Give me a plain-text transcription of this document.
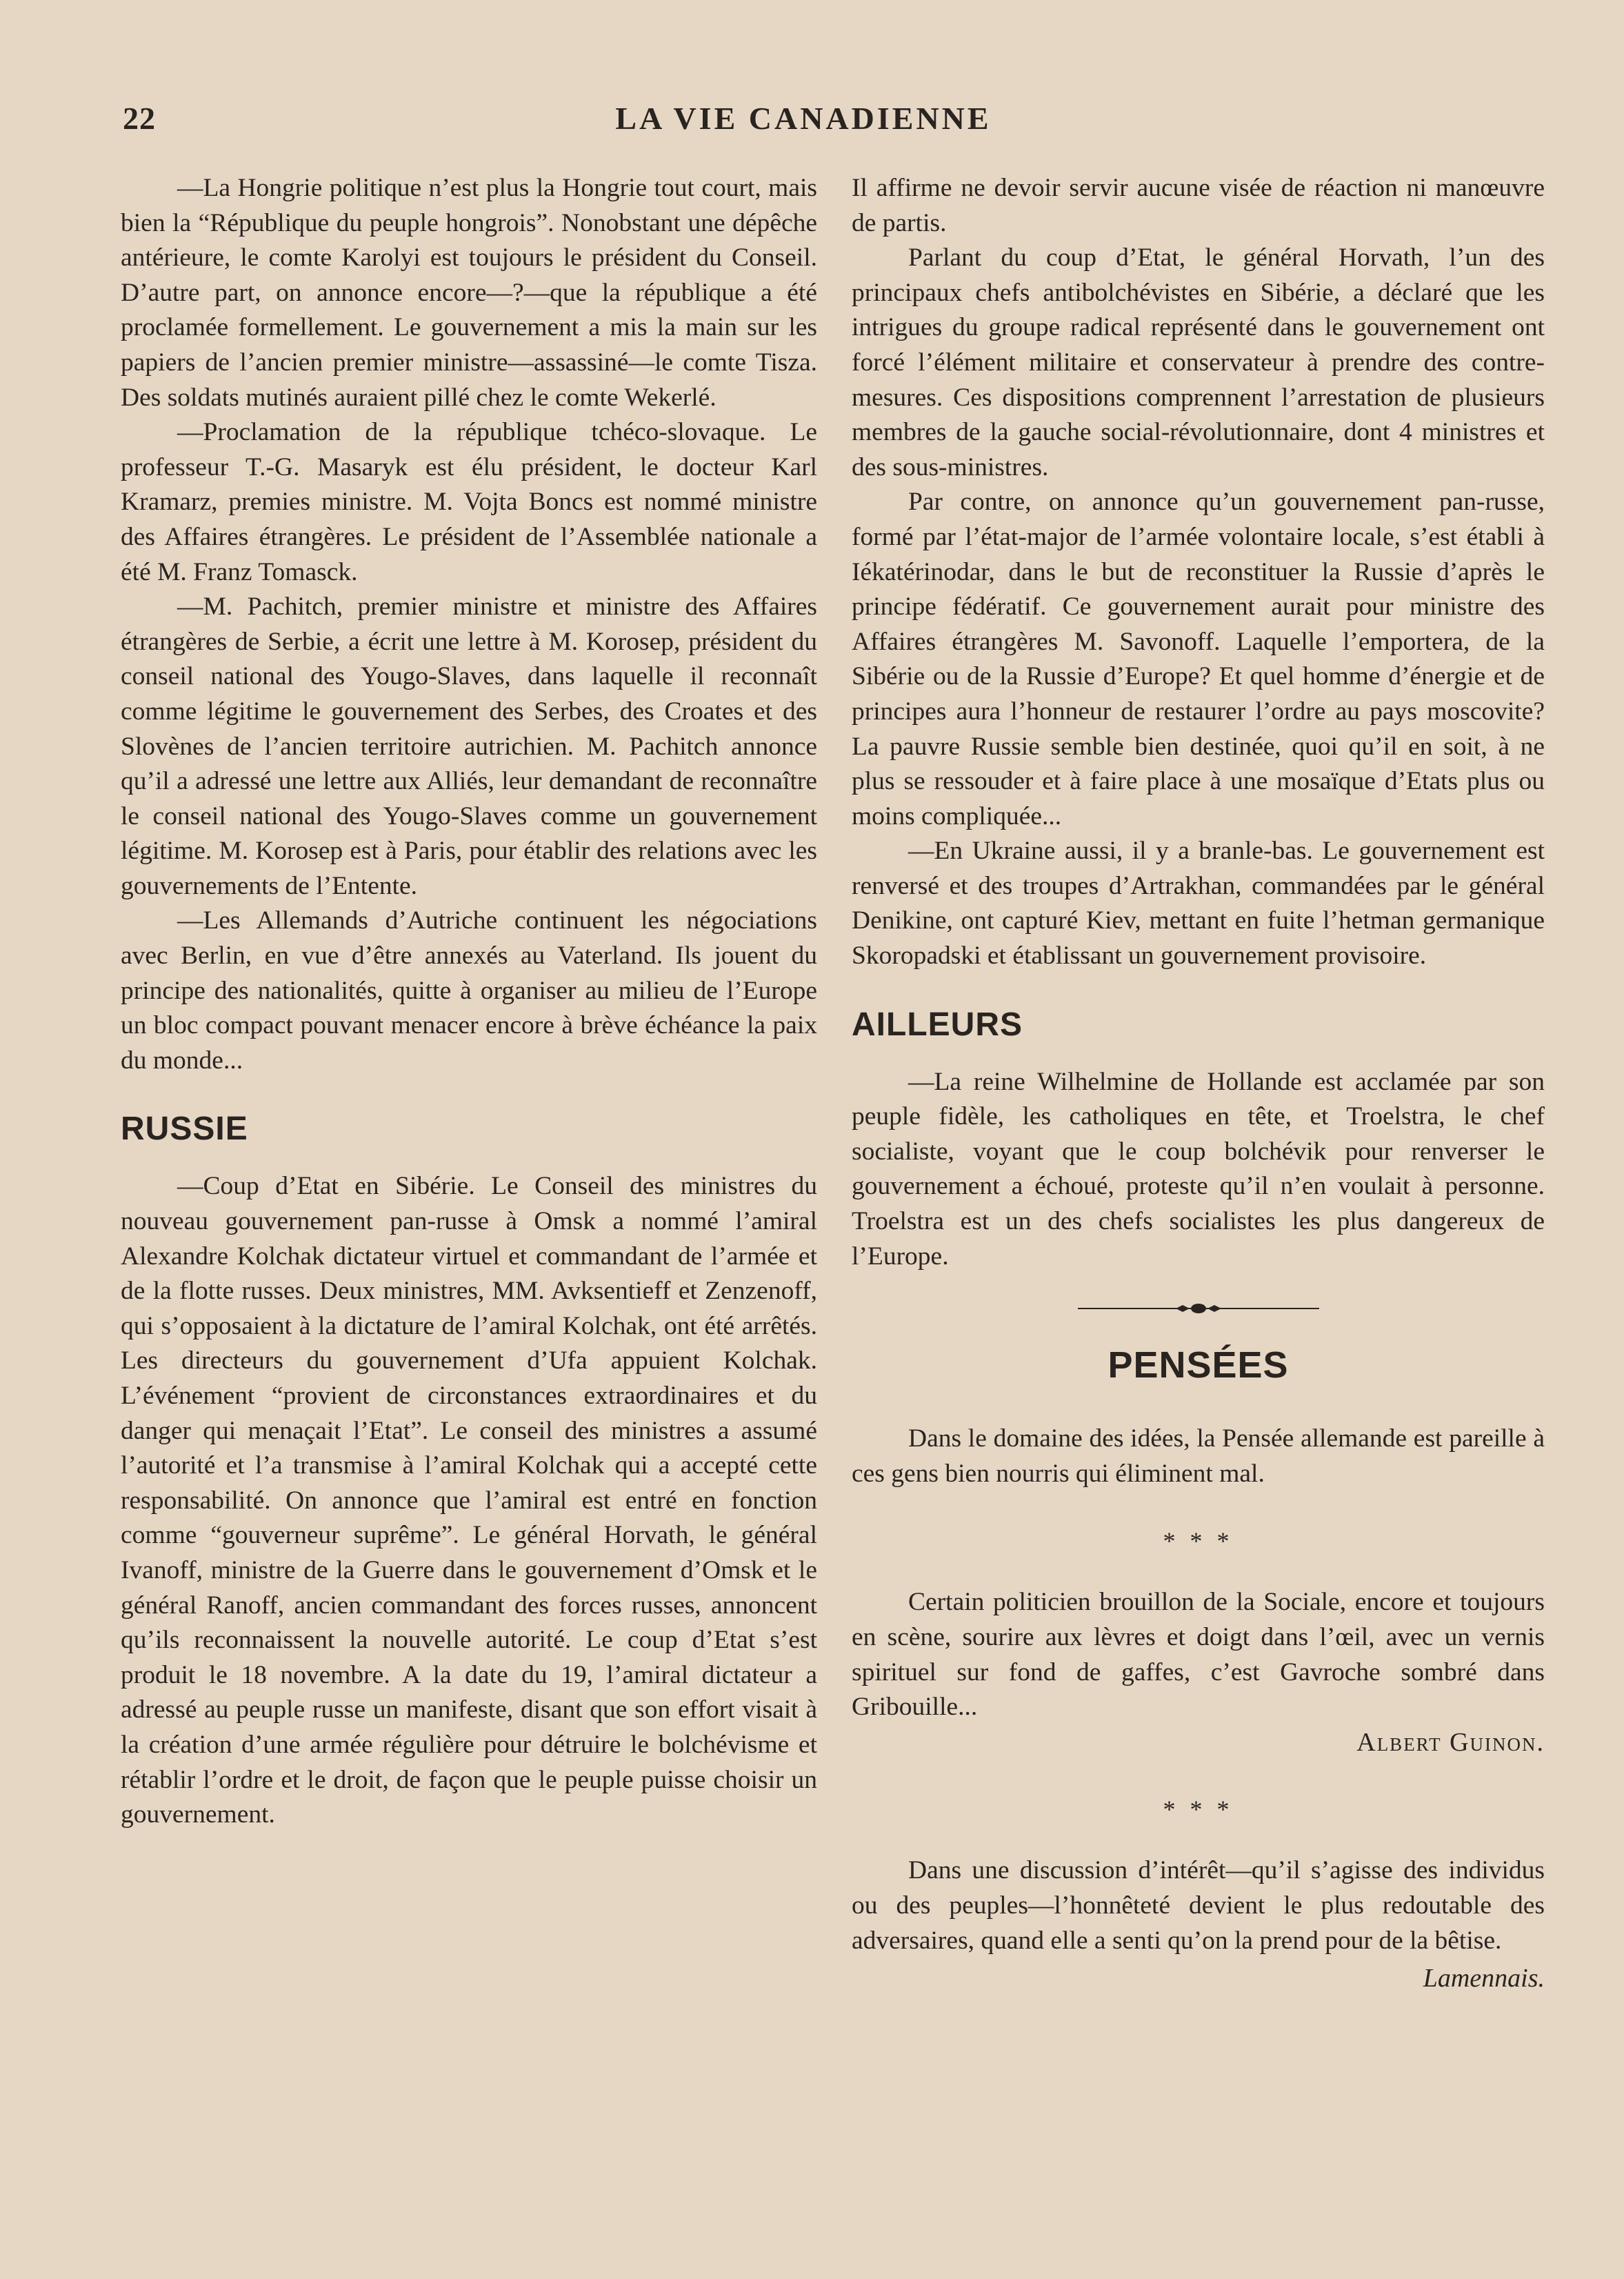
22	LA VIE CANADIENNE

—La Hongrie politique n’est plus la Hongrie tout court, mais bien la “République du peuple hongrois”. Nonobstant une dépêche antérieure, le comte Karolyi est toujours le président du Conseil. D’autre part, on annonce encore—?—que la république a été proclamée formellement. Le gouvernement a mis la main sur les papiers de l’ancien premier ministre—assassiné—le comte Tisza. Des soldats mutinés auraient pillé chez le comte Wekerlé.

—Proclamation de la république tchéco-slovaque. Le professeur T.-G. Masaryk est élu président, le docteur Karl Kramarz, premies ministre. M. Vojta Boncs est nommé ministre des Affaires étrangères. Le président de l’Assemblée nationale a été M. Franz Tomasck.

—M. Pachitch, premier ministre et ministre des Affaires étrangères de Serbie, a écrit une lettre à M. Korosep, président du conseil national des Yougo-Slaves, dans laquelle il reconnaît comme légitime le gouvernement des Serbes, des Croates et des Slovènes de l’ancien territoire autrichien. M. Pachitch annonce qu’il a adressé une lettre aux Alliés, leur demandant de reconnaître le conseil national des Yougo-Slaves comme un gouvernement légitime. M. Korosep est à Paris, pour établir des relations avec les gouvernements de l’Entente.

—Les Allemands d’Autriche continuent les négociations avec Berlin, en vue d’être annexés au Vaterland. Ils jouent du principe des nationalités, quitte à organiser au milieu de l’Europe un bloc compact pouvant menacer encore à brève échéance la paix du monde...

RUSSIE

—Coup d’Etat en Sibérie. Le Conseil des ministres du nouveau gouvernement pan-russe à Omsk a nommé l’amiral Alexandre Kolchak dictateur virtuel et commandant de l’armée et de la flotte russes. Deux ministres, MM. Avksentieff et Zenzenoff, qui s’opposaient à la dictature de l’amiral Kolchak, ont été arrêtés. Les directeurs du gouvernement d’Ufa appuient Kolchak. L’événement “provient de circonstances extraordinaires et du danger qui menaçait l’Etat”. Le conseil des ministres a assumé l’autorité et l’a transmise à l’amiral Kolchak qui a accepté cette responsabilité. On annonce que l’amiral est entré en fonction comme “gouverneur suprême”. Le général Horvath, le général Ivanoff, ministre de la Guerre dans le gouvernement d’Omsk et le général Ranoff, ancien commandant des forces russes, annoncent qu’ils reconnaissent la nouvelle autorité. Le coup d’Etat s’est produit le 18 novembre. A la date du 19, l’amiral dictateur a adressé au peuple russe un manifeste, disant que son effort visait à la création d’une armée régulière pour détruire le bolchévisme et rétablir l’ordre et le droit, de façon que le peuple puisse choisir un gouvernement.

Il affirme ne devoir servir aucune visée de réaction ni manœuvre de partis.

Parlant du coup d’Etat, le général Horvath, l’un des principaux chefs antibolchévistes en Sibérie, a déclaré que les intrigues du groupe radical représenté dans le gouvernement ont forcé l’élément militaire et conservateur à prendre des contre-mesures. Ces dispositions comprennent l’arrestation de plusieurs membres de la gauche social-révolutionnaire, dont 4 ministres et des sous-ministres.

Par contre, on annonce qu’un gouvernement pan-russe, formé par l’état-major de l’armée volontaire locale, s’est établi à Iékatérinodar, dans le but de reconstituer la Russie d’après le principe fédératif. Ce gouvernement aurait pour ministre des Affaires étrangères M. Savonoff. Laquelle l’emportera, de la Sibérie ou de la Russie d’Europe? Et quel homme d’énergie et de principes aura l’honneur de restaurer l’ordre au pays moscovite? La pauvre Russie semble bien destinée, quoi qu’il en soit, à ne plus se ressouder et à faire place à une mosaïque d’Etats plus ou moins compliquée...

—En Ukraine aussi, il y a branle-bas. Le gouvernement est renversé et des troupes d’Artrakhan, commandées par le général Denikine, ont capturé Kiev, mettant en fuite l’hetman germanique Skoropadski et établissant un gouvernement provisoire.

AILLEURS

—La reine Wilhelmine de Hollande est acclamée par son peuple fidèle, les catholiques en tête, et Troelstra, le chef socialiste, voyant que le coup bolchévik pour renverser le gouvernement a échoué, proteste qu’il n’en voulait à personne. Troelstra est un des chefs socialistes les plus dangereux de l’Europe.

PENSÉES

Dans le domaine des idées, la Pensée allemande est pareille à ces gens bien nourris qui éliminent mal.

* * *

Certain politicien brouillon de la Sociale, encore et toujours en scène, sourire aux lèvres et doigt dans l’œil, avec un vernis spirituel sur fond de gaffes, c’est Gavroche sombré dans Gribouille...

Albert Guinon.
* * *

Dans une discussion d’intérêt—qu’il s’agisse des individus ou des peuples—l’honnêteté devient le plus redoutable des adversaires, quand elle a senti qu’on la prend pour de la bêtise.

Lamennais.
